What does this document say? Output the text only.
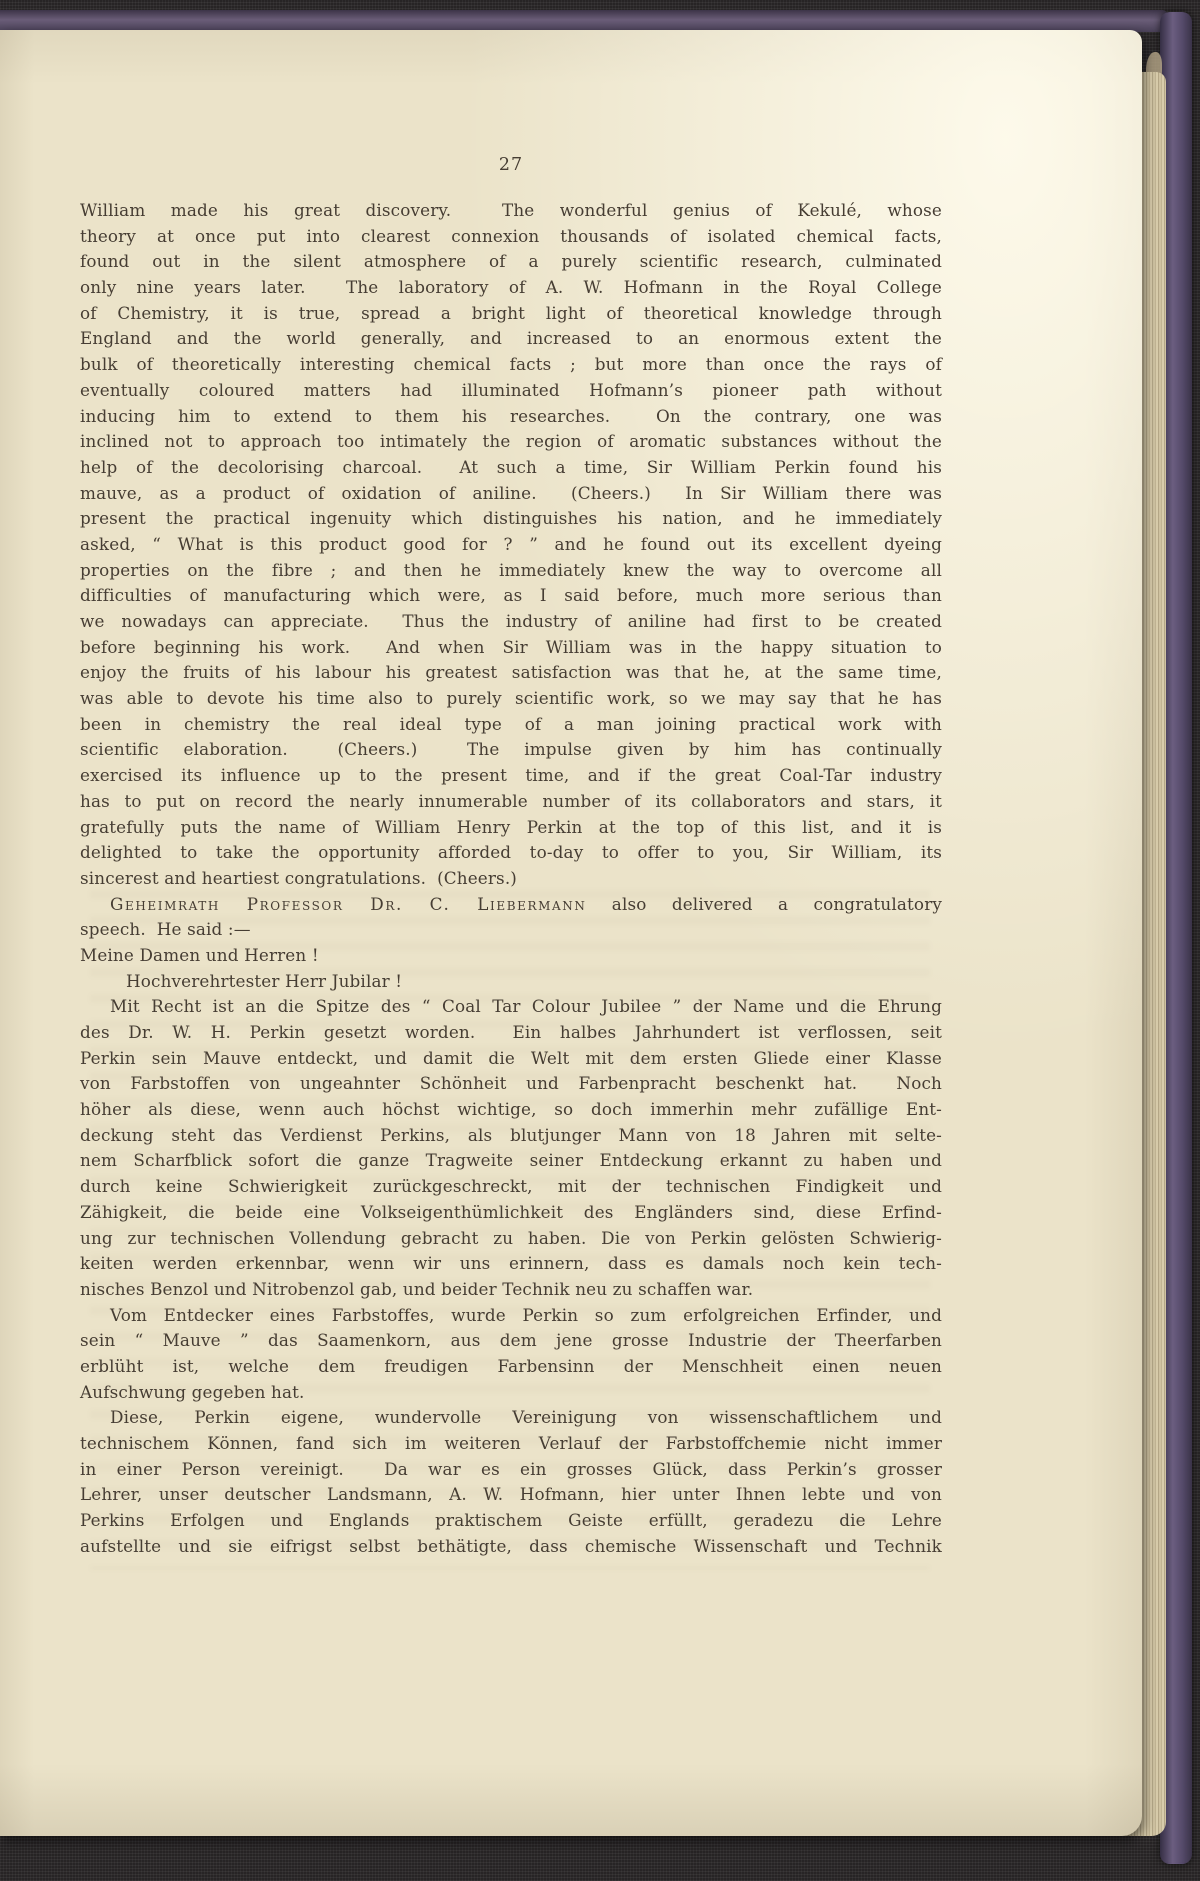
27
William made his great discovery.  The wonderful genius of Kekulé, whose
theory at once put into clearest connexion thousands of isolated chemical facts,
found out in the silent atmosphere of a purely scientific research, culminated
only nine years later.  The laboratory of A. W. Hofmann in the Royal College
of Chemistry, it is true, spread a bright light of theoretical knowledge through
England and the world generally, and increased to an enormous extent the
bulk of theoretically interesting chemical facts ; but more than once the rays of
eventually coloured matters had illuminated Hofmann’s pioneer path without
inducing him to extend to them his researches.  On the contrary, one was
inclined not to approach too intimately the region of aromatic substances without the
help of the decolorising charcoal.  At such a time, Sir William Perkin found his
mauve, as a product of oxidation of aniline.  (Cheers.)  In Sir William there was
present the practical ingenuity which distinguishes his nation, and he immediately
asked, “ What is this product good for ? ” and he found out its excellent dyeing
properties on the fibre ; and then he immediately knew the way to overcome all
difficulties of manufacturing which were, as I said before, much more serious than
we nowadays can appreciate.  Thus the industry of aniline had first to be created
before beginning his work.  And when Sir William was in the happy situation to
enjoy the fruits of his labour his greatest satisfaction was that he, at the same time,
was able to devote his time also to purely scientific work, so we may say that he has
been in chemistry the real ideal type of a man joining practical work with
scientific elaboration.  (Cheers.)  The impulse given by him has continually
exercised its influence up to the present time, and if the great Coal-Tar industry
has to put on record the nearly innumerable number of its collaborators and stars, it
gratefully puts the name of William Henry Perkin at the top of this list, and it is
delighted to take the opportunity afforded to-day to offer to you, Sir William, its
sincerest and heartiest congratulations.  (Cheers.)
Geheimrath Professor Dr. C. Liebermann also delivered a congratulatory
speech.  He said :—
Meine Damen und Herren !
Hochverehrtester Herr Jubilar !
Mit Recht ist an die Spitze des “ Coal Tar Colour Jubilee ” der Name und die Ehrung
des Dr. W. H. Perkin gesetzt worden.  Ein halbes Jahrhundert ist verflossen, seit
Perkin sein Mauve entdeckt, und damit die Welt mit dem ersten Gliede einer Klasse
von Farbstoffen von ungeahnter Schönheit und Farbenpracht beschenkt hat.  Noch
höher als diese, wenn auch höchst wichtige, so doch immerhin mehr zufällige Ent-
deckung steht das Verdienst Perkins, als blutjunger Mann von 18 Jahren mit selte-
nem Scharfblick sofort die ganze Tragweite seiner Entdeckung erkannt zu haben und
durch keine Schwierigkeit zurückgeschreckt, mit der technischen Findigkeit und
Zähigkeit, die beide eine Volkseigenthümlichkeit des Engländers sind, diese Erfind-
ung zur technischen Vollendung gebracht zu haben. Die von Perkin gelösten Schwierig-
keiten werden erkennbar, wenn wir uns erinnern, dass es damals noch kein tech-
nisches Benzol und Nitrobenzol gab, und beider Technik neu zu schaffen war.
Vom Entdecker eines Farbstoffes, wurde Perkin so zum erfolgreichen Erfinder, und
sein “ Mauve ” das Saamenkorn, aus dem jene grosse Industrie der Theerfarben
erblüht ist, welche dem freudigen Farbensinn der Menschheit einen neuen
Aufschwung gegeben hat.
Diese, Perkin eigene, wundervolle Vereinigung von wissenschaftlichem und
technischem Können, fand sich im weiteren Verlauf der Farbstoffchemie nicht immer
in einer Person vereinigt.  Da war es ein grosses Glück, dass Perkin’s grosser
Lehrer, unser deutscher Landsmann, A. W. Hofmann, hier unter Ihnen lebte und von
Perkins Erfolgen und Englands praktischem Geiste erfüllt, geradezu die Lehre
aufstellte und sie eifrigst selbst bethätigte, dass chemische Wissenschaft und Technik
